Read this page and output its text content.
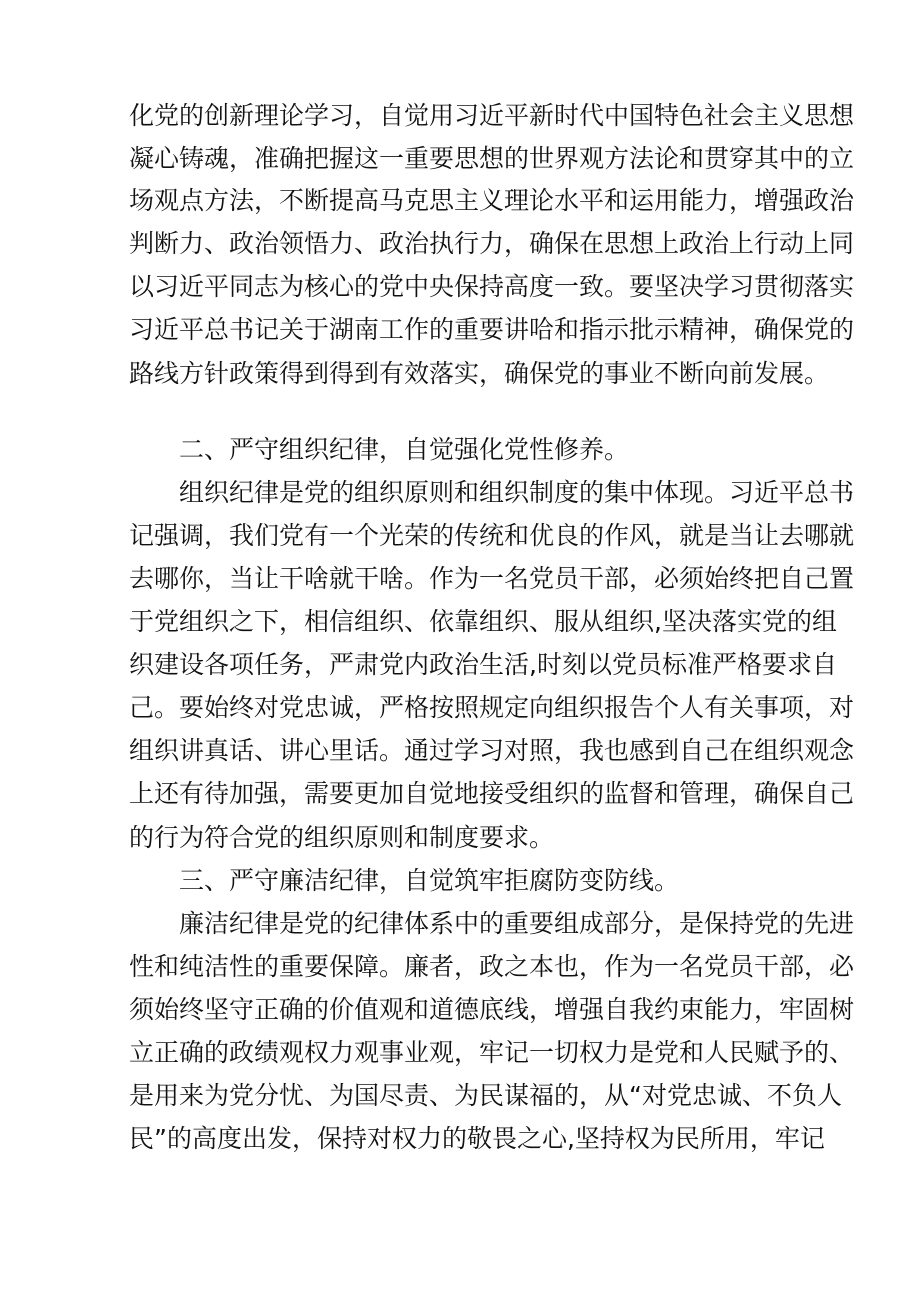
化党的创新理论学习，自觉用习近平新时代中国特色社会主义思想
凝心铸魂，准确把握这一重要思想的世界观方法论和贯穿其中的立
场观点方法，不断提高马克思主义理论水平和运用能力，增强政治
判断力、政治领悟力、政治执行力，确保在思想上政治上行动上同
以习近平同志为核心的党中央保持高度一致。要坚决学习贯彻落实
习近平总书记关于湖南工作的重要讲哈和指示批示精神，确保党的
路线方针政策得到得到有效落实，确保党的事业不断向前发展。
二、严守组织纪律，自觉强化党性修养。
组织纪律是党的组织原则和组织制度的集中体现。习近平总书
记强调，我们党有一个光荣的传统和优良的作风，就是当让去哪就
去哪你，当让干啥就干啥。作为一名党员干部，必须始终把自己置
于党组织之下，相信组织、依靠组织、服从组织,坚决落实党的组
织建设各项任务，严肃党内政治生活,时刻以党员标准严格要求自
己。要始终对党忠诚，严格按照规定向组织报告个人有关事项，对
组织讲真话、讲心里话。通过学习对照，我也感到自己在组织观念
上还有待加强，需要更加自觉地接受组织的监督和管理，确保自己
的行为符合党的组织原则和制度要求。
三、严守廉洁纪律，自觉筑牢拒腐防变防线。
廉洁纪律是党的纪律体系中的重要组成部分，是保持党的先进
性和纯洁性的重要保障。廉者，政之本也，作为一名党员干部，必
须始终坚守正确的价值观和道德底线，增强自我约束能力，牢固树
立正确的政绩观权力观事业观，牢记一切权力是党和人民赋予的、
是用来为党分忧、为国尽责、为民谋福的，从“对党忠诚、不负人
民”的高度出发，保持对权力的敬畏之心,坚持权为民所用，牢记
